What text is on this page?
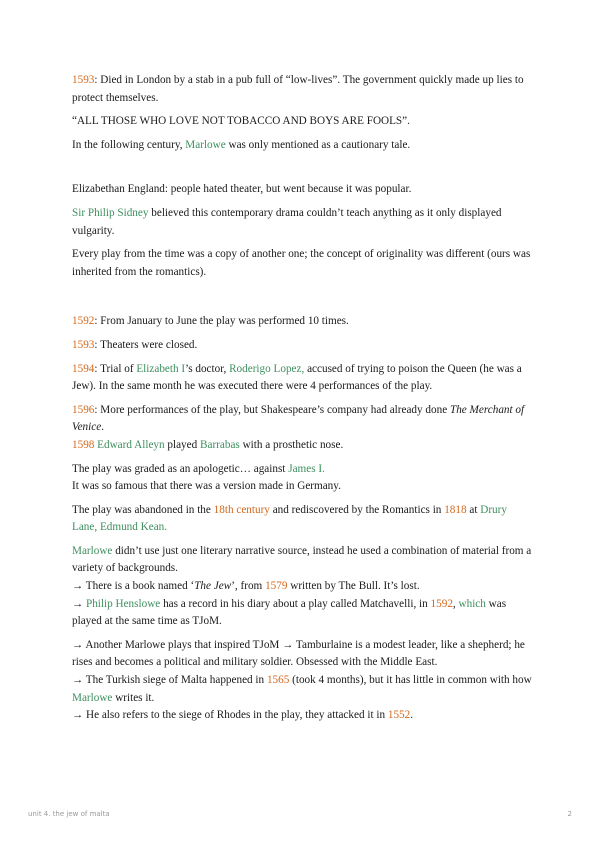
1593: Died in London by a stab in a pub full of “low-lives”. The government quickly made up lies to protect themselves.

“ALL THOSE WHO LOVE NOT TOBACCO AND BOYS ARE FOOLS”.

In the following century, Marlowe was only mentioned as a cautionary tale.

Elizabethan England: people hated theater, but went because it was popular.

Sir Philip Sidney believed this contemporary drama couldn’t teach anything as it only displayed vulgarity.

Every play from the time was a copy of another one; the concept of originality was different (ours was inherited from the romantics).

1592: From January to June the play was performed 10 times.

1593: Theaters were closed.

1594: Trial of Elizabeth I’s doctor, Roderigo Lopez, accused of trying to poison the Queen (he was a Jew). In the same month he was executed there were 4 performances of the play.

1596: More performances of the play, but Shakespeare’s company had already done The Merchant of Venice.
1598 Edward Alleyn played Barrabas with a prosthetic nose.

The play was graded as an apologetic… against James I.
It was so famous that there was a version made in Germany.

The play was abandoned in the 18th century and rediscovered by the Romantics in 1818 at Drury Lane, Edmund Kean.

Marlowe didn’t use just one literary narrative source, instead he used a combination of material from a variety of backgrounds.
→ There is a book named ‘The Jew’, from 1579 written by The Bull. It’s lost.
→ Philip Henslowe has a record in his diary about a play called Matchavelli, in 1592, which was played at the same time as TJoM.

→ Another Marlowe plays that inspired TJoM → Tamburlaine is a modest leader, like a shepherd; he rises and becomes a political and military soldier. Obsessed with the Middle East.
→ The Turkish siege of Malta happened in 1565 (took 4 months), but it has little in common with how Marlowe writes it.
→ He also refers to the siege of Rhodes in the play, they attacked it in 1552.

unit 4. the jew of malta	2
